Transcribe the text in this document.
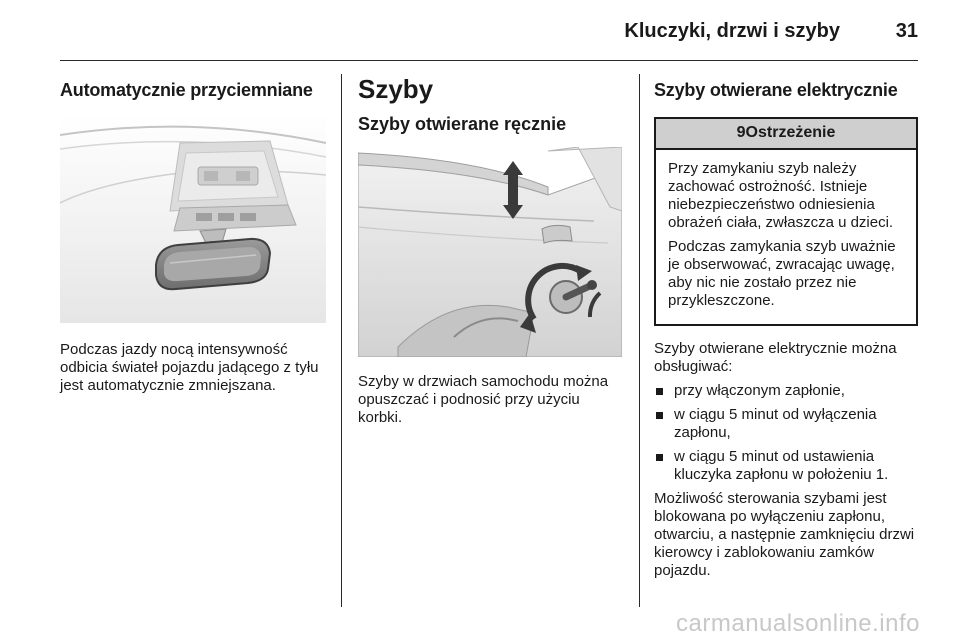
Kluczyki, drzwi i szyby	31
Automatycznie przyciemniane

Podczas jazdy nocą intensywność odbicia świateł pojazdu jadącego z tyłu jest automatycznie zmniejszana.

Szyby
Szyby otwierane ręcznie

Szyby w drzwiach samochodu można opuszczać i podnosić przy użyciu korbki.

Szyby otwierane elektrycznie
9Ostrzeżenie

Przy zamykaniu szyb należy zachować ostrożność. Istnieje niebezpieczeństwo odniesienia obrażeń ciała, zwłaszcza u dzieci.

Podczas zamykania szyb uważnie je obserwować, zwracając uwagę, aby nic nie zostało przez nie przykleszczone.

Szyby otwierane elektrycznie można obsługiwać:

przy włączonym zapłonie,
w ciągu 5 minut od wyłączenia zapłonu,
w ciągu 5 minut od ustawienia kluczyka zapłonu w położeniu 1.

Możliwość sterowania szybami jest blokowana po wyłączeniu zapłonu, otwarciu, a następnie zamknięciu drzwi kierowcy i zablokowaniu zamków pojazdu.

carmanualsonline.info
